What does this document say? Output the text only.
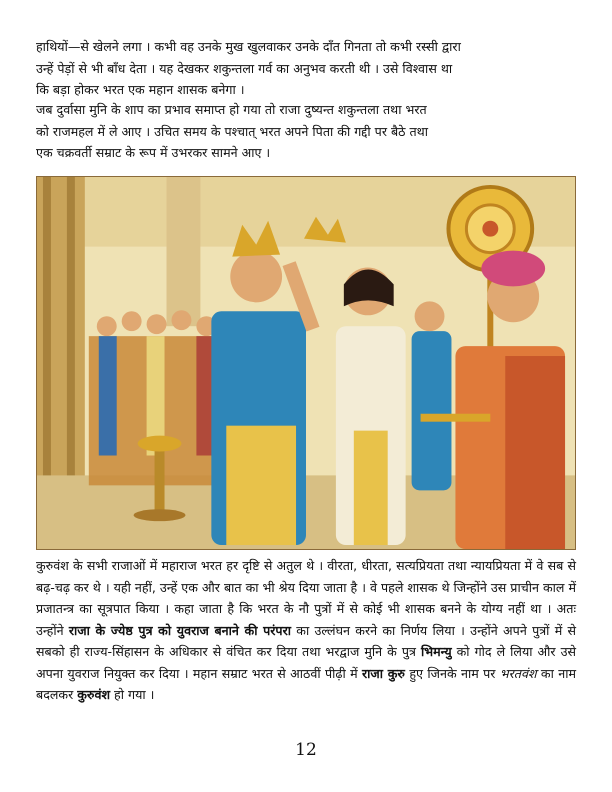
हाथियों—से खेलने लगा । कभी वह उनके मुख खुलवाकर उनके दाँत गिनता तो कभी रस्सी द्वारा
उन्हें पेड़ों से भी बाँध देता । यह देखकर शकुन्तला गर्व का अनुभव करती थी । उसे विश्वास था
कि बड़ा होकर भरत एक महान शासक बनेगा ।

जब दुर्वासा मुनि के शाप का प्रभाव समाप्त हो गया तो राजा दुष्यन्त शकुन्तला तथा भरत
को राजमहल में ले आए । उचित समय के पश्चात् भरत अपने पिता की गद्दी पर बैठे तथा
एक चक्रवर्ती सम्राट के रूप में उभरकर सामने आए ।

कुरुवंश के सभी राजाओं में महाराज भरत हर दृष्टि से अतुल थे । वीरता, धीरता, सत्यप्रियता तथा न्यायप्रियता में वे सब से बढ़-चढ़ कर थे । यही नहीं, उन्हें एक और बात का भी श्रेय दिया जाता है । वे पहले शासक थे जिन्होंने उस प्राचीन काल में प्रजातन्त्र का सूत्रपात किया । कहा जाता है कि भरत के नौ पुत्रों में से कोई भी शासक बनने के योग्य नहीं था । अतः उन्होंने राजा के ज्येष्ठ पुत्र को युवराज बनाने की परंपरा का उल्लंघन करने का निर्णय लिया । उन्होंने अपने पुत्रों में से सबको ही राज्य-सिंहासन के अधिकार से वंचित कर दिया तथा भरद्वाज मुनि के पुत्र भिमन्यु को गोद ले लिया और उसे अपना युवराज नियुक्त कर दिया । महान सम्राट भरत से आठवीं पीढ़ी में राजा कुरु हुए जिनके नाम पर भरतवंश का नाम बदलकर कुरुवंश हो गया ।

12
